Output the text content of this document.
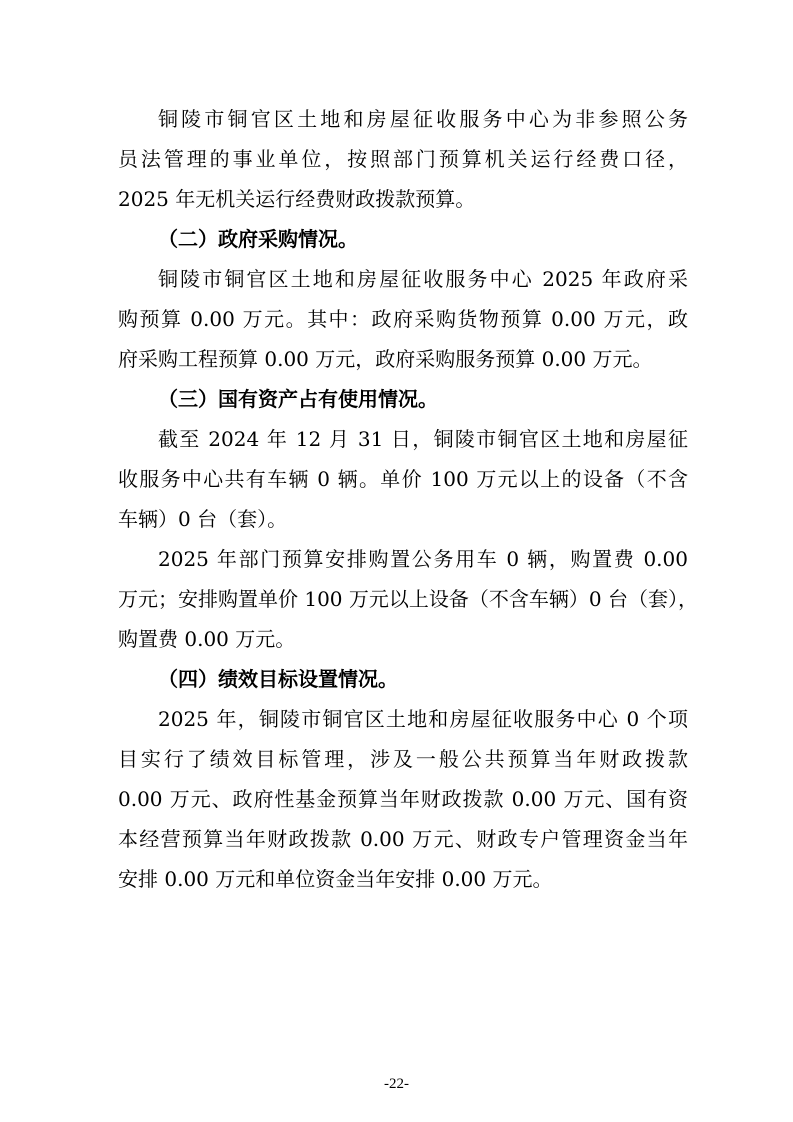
铜陵市铜官区土地和房屋征收服务中心为非参照公务
员法管理的事业单位，按照部门预算机关运行经费口径，
2025 年无机关运行经费财政拨款预算。
（二）政府采购情况。
铜陵市铜官区土地和房屋征收服务中心 2025 年政府采
购预算 0.00 万元。其中：政府采购货物预算 0.00 万元，政
府采购工程预算 0.00 万元，政府采购服务预算 0.00 万元。
（三）国有资产占有使用情况。
截至 2024 年 12 月 31 日，铜陵市铜官区土地和房屋征
收服务中心共有车辆 0 辆。单价 100 万元以上的设备（不含
车辆）0 台（套）。
2025 年部门预算安排购置公务用车 0 辆，购置费 0.00
万元；安排购置单价 100 万元以上设备（不含车辆）0 台（套），
购置费 0.00 万元。
（四）绩效目标设置情况。
2025 年，铜陵市铜官区土地和房屋征收服务中心 0 个项
目实行了绩效目标管理，涉及一般公共预算当年财政拨款
0.00 万元、政府性基金预算当年财政拨款 0.00 万元、国有资
本经营预算当年财政拨款 0.00 万元、财政专户管理资金当年
安排 0.00 万元和单位资金当年安排 0.00 万元。
-22-
